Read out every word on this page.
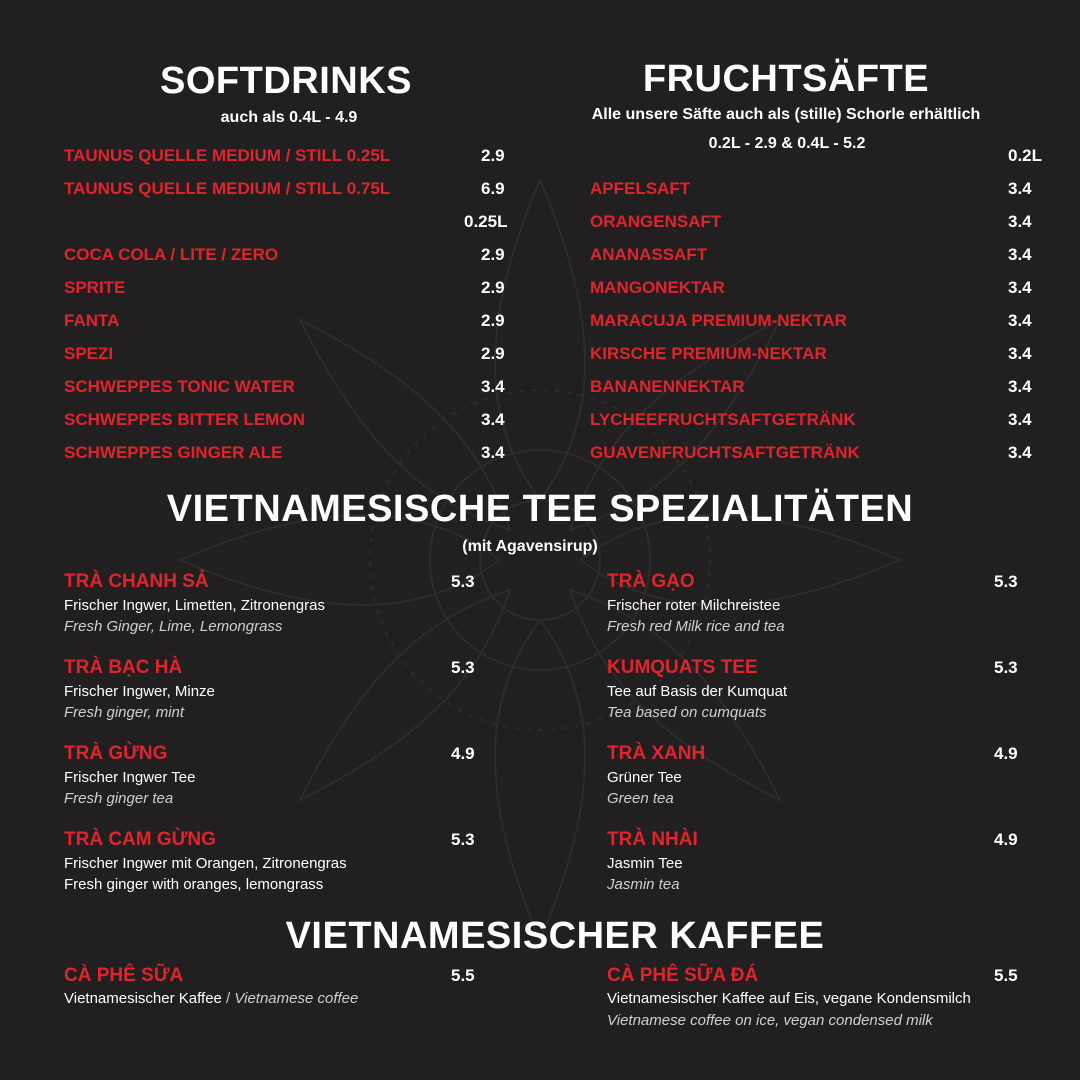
SOFTDRINKS
auch als 0.4L - 4.9
TAUNUS QUELLE MEDIUM / STILL 0.25L	2.9
TAUNUS QUELLE MEDIUM / STILL 0.75L	6.9
0.25L
COCA COLA / LITE / ZERO	2.9
SPRITE	2.9
FANTA	2.9
SPEZI	2.9
SCHWEPPES TONIC WATER	3.4
SCHWEPPES BITTER LEMON	3.4
SCHWEPPES GINGER ALE	3.4
FRUCHTSÄFTE
Alle unsere Säfte auch als (stille) Schorle erhältlich
0.2L - 2.9 & 0.4L - 5.2
0.2L
APFELSAFT	3.4
ORANGENSAFT	3.4
ANANASSAFT	3.4
MANGONEKTAR	3.4
MARACUJA PREMIUM-NEKTAR	3.4
KIRSCHE PREMIUM-NEKTAR	3.4
BANANENNEKTAR	3.4
LYCHEEFRUCHTSAFTGETRÄNK	3.4
GUAVENFRUCHTSAFTGETRÄNK	3.4
VIETNAMESISCHE TEE SPEZIALITÄTEN
(mit Agavensirup)
TRÀ CHANH SẢ	5.3
Frischer Ingwer, Limetten, Zitronengras
Fresh Ginger, Lime, Lemongrass
TRÀ GẠO	5.3
Frischer roter Milchreistee
Fresh red Milk rice and tea
TRÀ BẠC HÀ	5.3
Frischer Ingwer, Minze
Fresh ginger, mint
KUMQUATS TEE	5.3
Tee auf Basis der Kumquat
Tea based on cumquats
TRÀ GỪNG	4.9
Frischer Ingwer Tee
Fresh ginger tea
TRÀ XANH	4.9
Grüner Tee
Green tea
TRÀ CAM GỪNG	5.3
Frischer Ingwer mit Orangen, Zitronengras
Fresh ginger with oranges, lemongrass
TRÀ NHÀI	4.9
Jasmin Tee
Jasmin tea
VIETNAMESISCHER KAFFEE
CÀ PHÊ SỮA	5.5
Vietnamesischer Kaffee / Vietnamese coffee
CÀ PHÊ SỮA ĐÁ	5.5
Vietnamesischer Kaffee auf Eis, vegane Kondensmilch
Vietnamese coffee on ice, vegan condensed milk
